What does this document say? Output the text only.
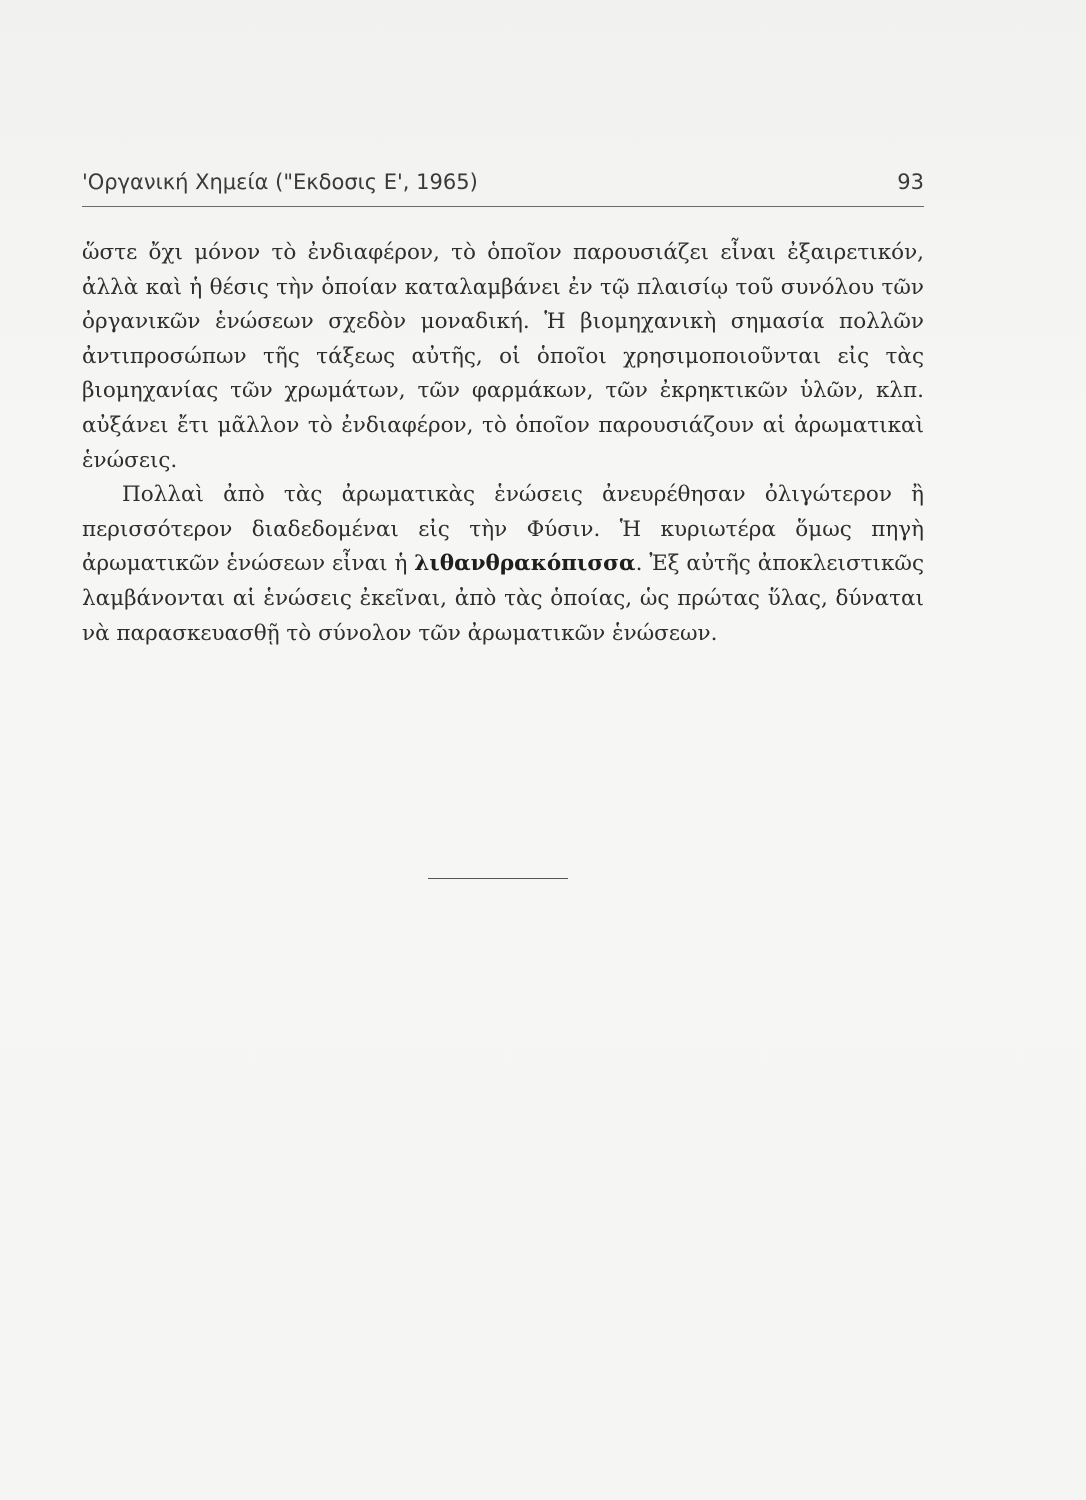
'Οργανική Χημεία ("Εκδοσις Ε', 1965)	93

ὥστε ὄχι μόνον τὸ ἐνδιαφέρον, τὸ ὁποῖον παρουσιάζει εἶναι ἐξαιρετικόν, ἀλλὰ καὶ ἡ θέσις τὴν ὁποίαν καταλαμβάνει ἐν τῷ πλαισίῳ τοῦ συνόλου τῶν ὀργανικῶν ἑνώσεων σχεδὸν μοναδική. Ἡ βιομηχανικὴ σημασία πολλῶν ἀντιπροσώπων τῆς τάξεως αὐτῆς, οἱ ὁποῖοι χρησιμοποιοῦνται εἰς τὰς βιομηχανίας τῶν χρωμάτων, τῶν φαρμάκων, τῶν ἐκρηκτικῶν ὑλῶν, κλπ. αὐξάνει ἔτι μᾶλλον τὸ ἐνδιαφέρον, τὸ ὁποῖον παρουσιάζουν αἱ ἀρωματικαὶ ἑνώσεις.

Πολλαὶ ἀπὸ τὰς ἀρωματικὰς ἑνώσεις ἀνευρέθησαν ὀλιγώτερον ἢ περισσότερον διαδεδομέναι εἰς τὴν Φύσιν. Ἡ κυριωτέρα ὅμως πηγὴ ἀρωματικῶν ἑνώσεων εἶναι ἡ λιθανθρακόπισσα. Ἐξ αὐτῆς ἀποκλειστικῶς λαμβάνονται αἱ ἑνώσεις ἐκεῖναι, ἀπὸ τὰς ὁποίας, ὡς πρώτας ὕλας, δύναται νὰ παρασκευασθῇ τὸ σύνολον τῶν ἀρωματικῶν ἑνώσεων.
